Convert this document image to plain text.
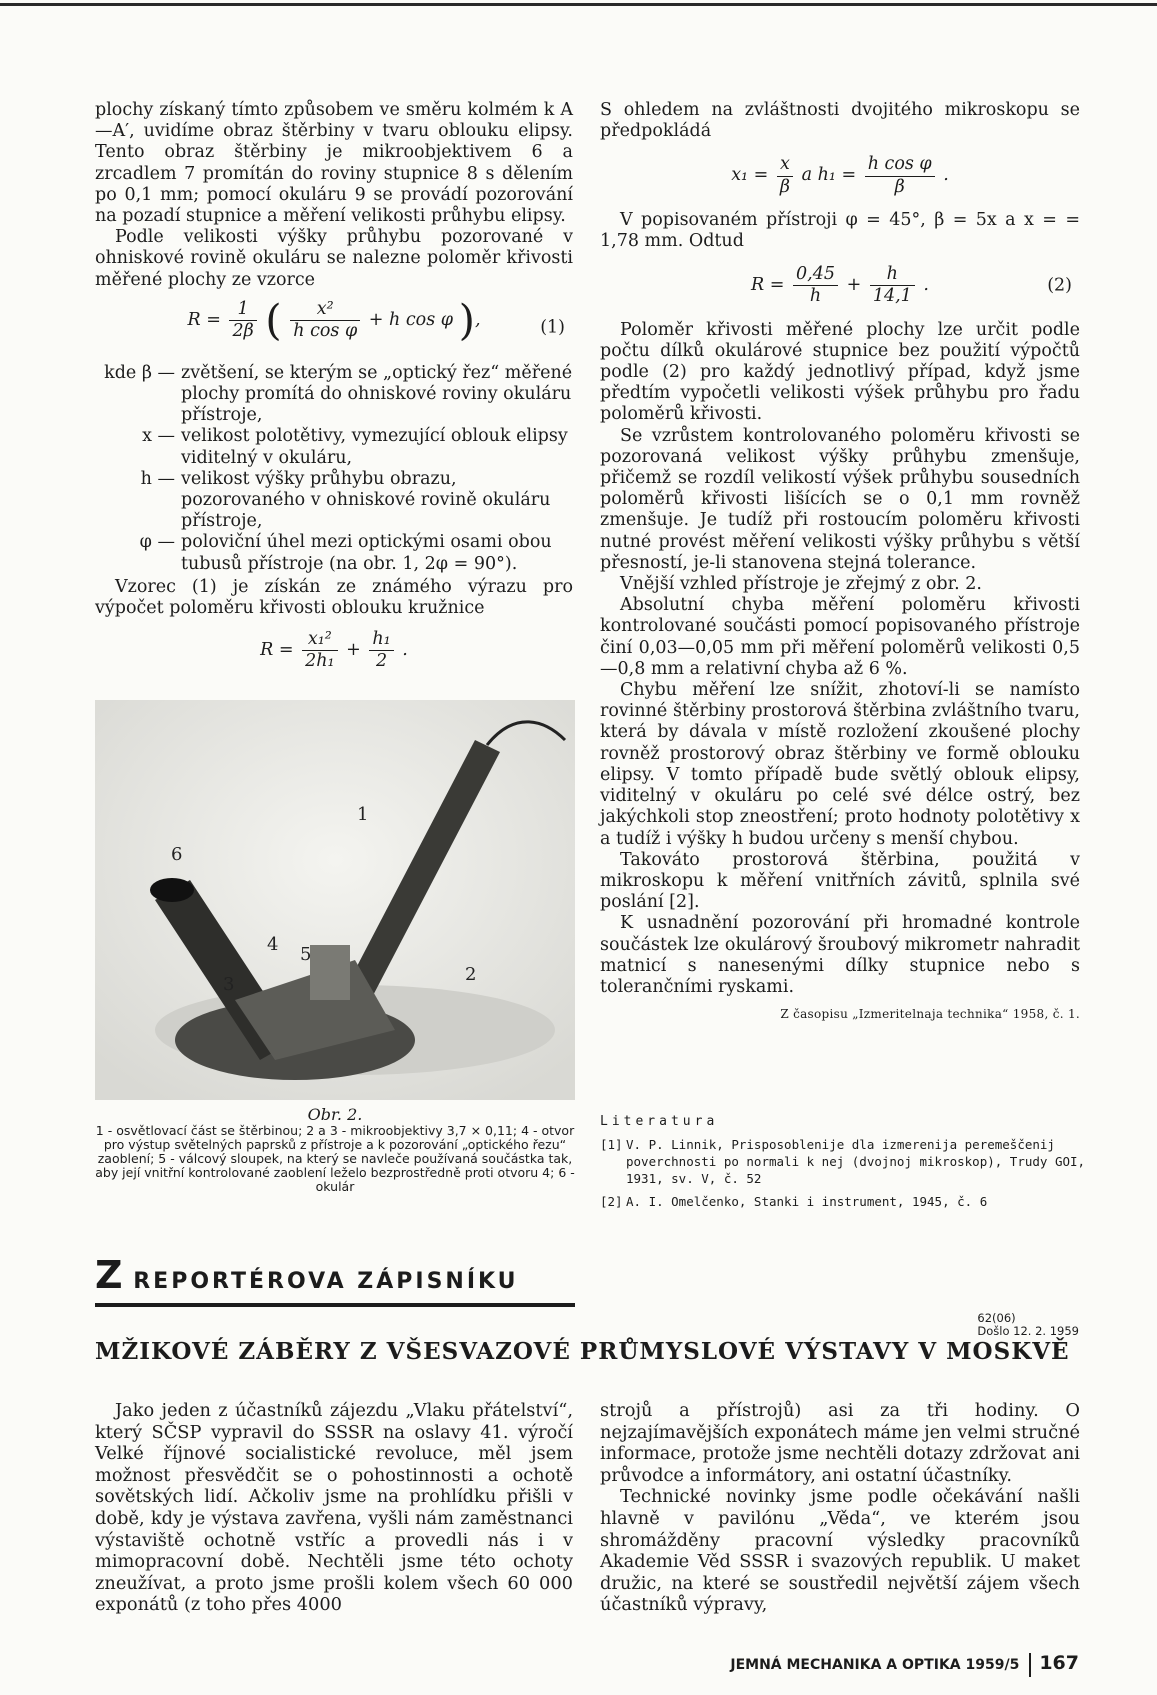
plochy získaný tímto způsobem ve směru kolmém k A—A′, uvidíme obraz štěrbiny v tvaru oblouku elipsy. Tento obraz štěrbiny je mikroobjektivem 6 a zrcadlem 7 promítán do roviny stupnice 8 s dělením po 0,1 mm; pomocí okuláru 9 se provádí pozorování na pozadí stupnice a měření velikosti průhybu elipsy.

Podle velikosti výšky průhybu pozorované v ohniskové rovině okuláru se nalezne poloměr křivosti měřené plochy ze vzorce

$R = \frac{1}{2\beta}$ ( $\frac{\text{x²}}{\text{h cos φ}} + h$ cos φ ),	(1)
kde β — zvětšení, se kterým se „optický řez“ měřené plochy promítá do ohniskové roviny okuláru přístroje,
x — velikost polotětivy, vymezující oblouk elipsy viditelný v okuláru,
h — velikost výšky průhybu obrazu, pozorovaného v ohniskové rovině okuláru přístroje,
φ — poloviční úhel mezi optickými osami obou tubusů přístroje (na obr. 1, 2φ = 90°).

Vzorec (1) je získán ze známého výrazu pro výpočet poloměru křivosti oblouku kružnice

$R = \frac{\text{x₁²}}{\text{2h₁}} + \frac{\text{h₁}}{2}$ .
1
2
3
4 5
6
Obr. 2.
1 - osvětlovací část se štěrbinou; 2 a 3 - mikroobjektivy 3,7 × 0,11; 4 - otvor pro výstup světelných paprsků z přístroje a k pozorování „optického řezu“ zaoblení; 5 - válcový sloupek, na který se navleče používaná součástka tak, aby její vnitřní kontrolované zaoblení leželo bezprostředně proti otvoru 4; 6 - okulár

S ohledem na zvláštnosti dvojitého mikroskopu se předpokládá

$x_1 = \frac{x}{\beta}$ a $h_1 = \frac{\text{h cos φ}}{\beta}$ .

V popisovaném přístroji φ = 45°, β = 5x a x = = 1,78 mm. Odtud

$R = \frac{0,45}{h} + \frac{h}{14,1}$ .	(2)

Poloměr křivosti měřené plochy lze určit podle počtu dílků okulárové stupnice bez použití výpočtů podle (2) pro každý jednotlivý případ, když jsme předtím vypočetli velikosti výšek průhybu pro řadu poloměrů křivosti.

Se vzrůstem kontrolovaného poloměru křivosti se pozorovaná velikost výšky průhybu zmenšuje, přičemž se rozdíl velikostí výšek průhybu sousedních poloměrů křivosti lišících se o 0,1 mm rovněž zmenšuje. Je tudíž při rostoucím poloměru křivosti nutné provést měření velikosti výšky průhybu s větší přesností, je-li stanovena stejná tolerance.

Vnější vzhled přístroje je zřejmý z obr. 2.

Absolutní chyba měření poloměru křivosti kontrolované součásti pomocí popisovaného přístroje činí 0,03—0,05 mm při měření poloměrů velikosti 0,5—0,8 mm a relativní chyba až 6 %.

Chybu měření lze snížit, zhotoví-li se namísto rovinné štěrbiny prostorová štěrbina zvláštního tvaru, která by dávala v místě rozložení zkoušené plochy rovněž prostorový obraz štěrbiny ve formě oblouku elipsy. V tomto případě bude světlý oblouk elipsy, viditelný v okuláru po celé své délce ostrý, bez jakýchkoli stop zneostření; proto hodnoty polotětivy x a tudíž i výšky h budou určeny s menší chybou.

Takováto prostorová štěrbina, použitá v mikroskopu k měření vnitřních závitů, splnila své poslání [2].

K usnadnění pozorování při hromadné kontrole součástek lze okulárový šroubový mikrometr nahradit matnicí s nanesenými dílky stupnice nebo s tolerančními ryskami.

Z časopisu „Izmeritelnaja technika“ 1958, č. 1.
Literatura
[1] V. P. Linnik, Prisposoblenije dla izmerenija peremeščenij poverchnosti po normali k nej (dvojnoj mikroskop), Trudy GOI, 1931, sv. V, č. 52
[2] A. I. Omelčenko, Stanki i instrument, 1945, č. 6
Z REPORTÉROVA ZÁPISNÍKU
62(06)
Došlo 12. 2. 1959
MŽIKOVÉ ZÁBĚRY Z VŠESVAZOVÉ PRŮMYSLOVÉ VÝSTAVY V MOSKVĚ

Jako jeden z účastníků zájezdu „Vlaku přátelství“, který SČSP vypravil do SSSR na oslavy 41. výročí Velké říjnové socialistické revoluce, měl jsem možnost přesvědčit se o pohostinnosti a ochotě sovětských lidí. Ačkoliv jsme na prohlídku přišli v době, kdy je výstava zavřena, vyšli nám zaměstnanci výstaviště ochotně vstříc a provedli nás i v mimopracovní době. Nechtěli jsme této ochoty zneužívat, a proto jsme prošli kolem všech 60 000 exponátů (z toho přes 4000

strojů a přístrojů) asi za tři hodiny. O nejzajímavějších exponátech máme jen velmi stručné informace, protože jsme nechtěli dotazy zdržovat ani průvodce a informátory, ani ostatní účastníky.

Technické novinky jsme podle očekávání našli hlavně v pavilónu „Věda“, ve kterém jsou shromážděny pracovní výsledky pracovníků Akademie Věd SSSR i svazových republik. U maket družic, na které se soustředil největší zájem všech účastníků výpravy,

JEMNÁ MECHANIKA A OPTIKA 1959/5 167
